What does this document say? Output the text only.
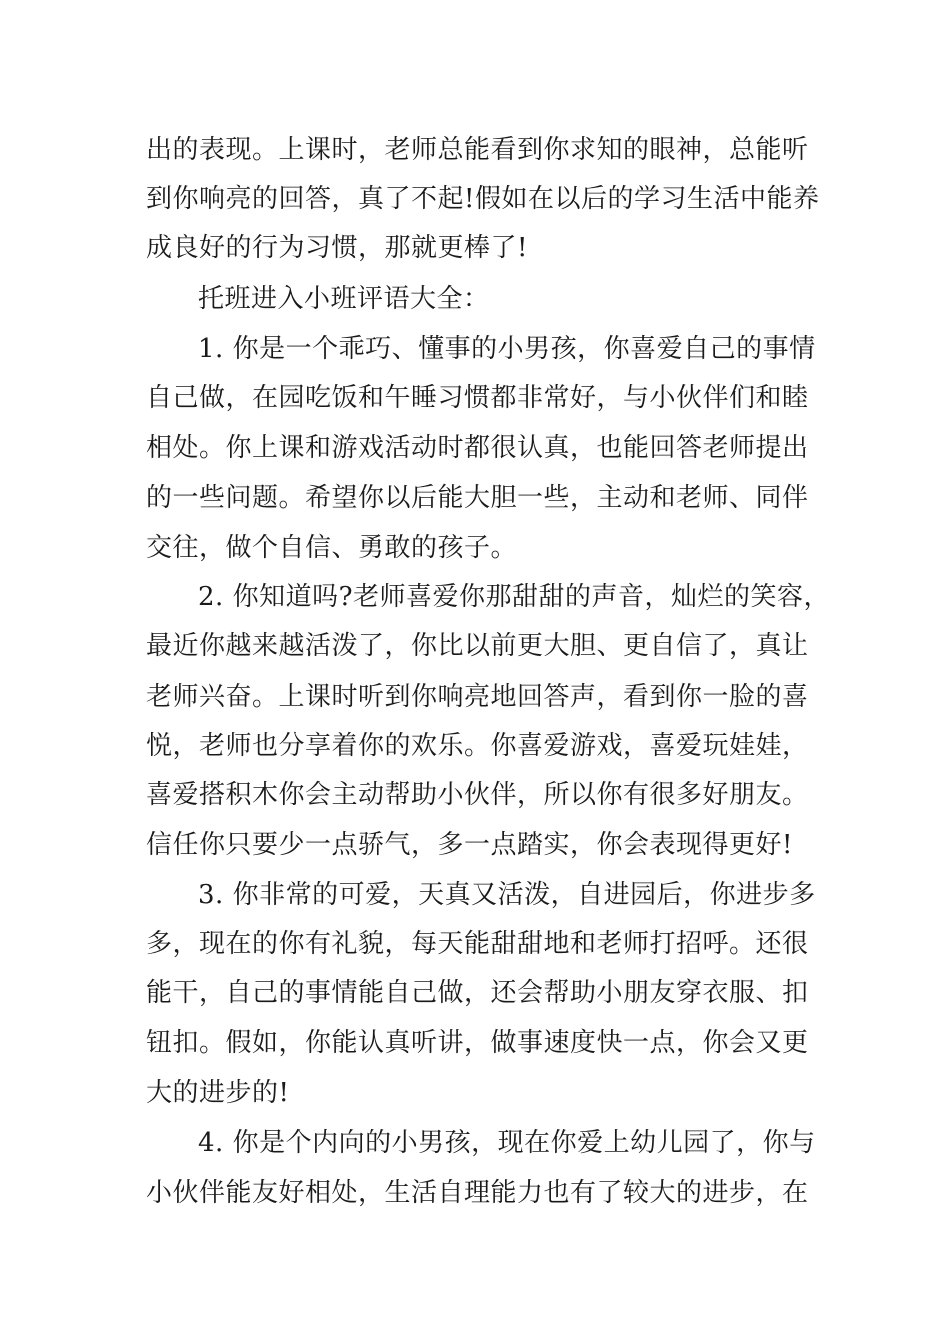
出的表现。上课时，老师总能看到你求知的眼神，总能听
到你响亮的回答，真了不起!假如在以后的学习生活中能养
成良好的行为习惯，那就更棒了!
托班进入小班评语大全：
1. 你是一个乖巧、懂事的小男孩，你喜爱自己的事情
自己做，在园吃饭和午睡习惯都非常好，与小伙伴们和睦
相处。你上课和游戏活动时都很认真，也能回答老师提出
的一些问题。希望你以后能大胆一些，主动和老师、同伴
交往，做个自信、勇敢的孩子。
2. 你知道吗?老师喜爱你那甜甜的声音，灿烂的笑容，
最近你越来越活泼了，你比以前更大胆、更自信了，真让
老师兴奋。上课时听到你响亮地回答声，看到你一脸的喜
悦，老师也分享着你的欢乐。你喜爱游戏，喜爱玩娃娃，
喜爱搭积木你会主动帮助小伙伴，所以你有很多好朋友。
信任你只要少一点骄气，多一点踏实，你会表现得更好!
3. 你非常的可爱，天真又活泼，自进园后，你进步多
多，现在的你有礼貌，每天能甜甜地和老师打招呼。还很
能干，自己的事情能自己做，还会帮助小朋友穿衣服、扣
钮扣。假如，你能认真听讲，做事速度快一点，你会又更
大的进步的!
4. 你是个内向的小男孩，现在你爱上幼儿园了，你与
小伙伴能友好相处，生活自理能力也有了较大的进步，在
